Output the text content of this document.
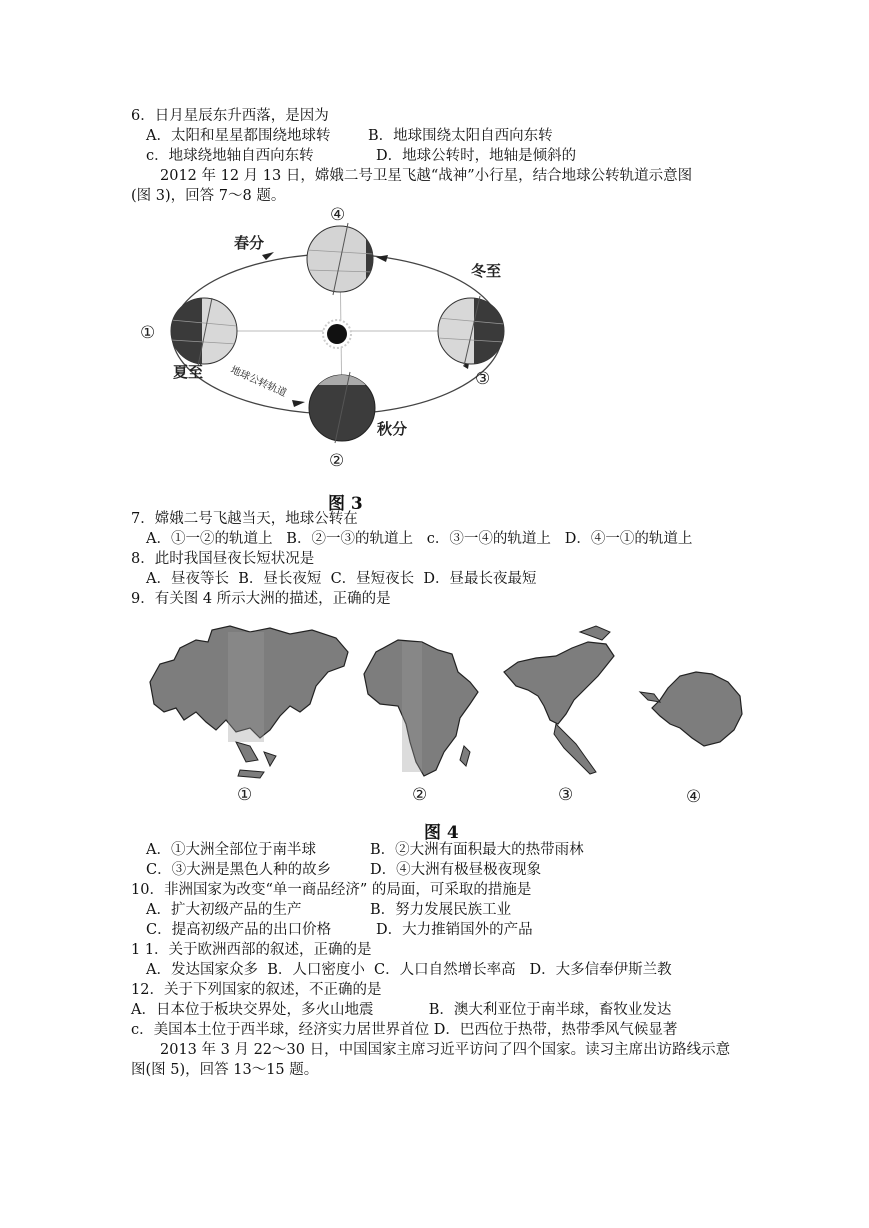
6．日月星辰东升西落，是因为
A．太阳和星星都围绕地球转	B．地球围绕太阳自西向东转
c．地球绕地轴自西向东转	D．地球公转时，地轴是倾斜的
2012 年 12 月 13 日，嫦娥二号卫星飞越“战神”小行星，结合地球公转轨道示意图
(图 3)，回答 7～8 题。
春分
夏至
秋分
冬至
地球公转轨道
①
②
③
④
图 3
7．嫦娥二号飞越当天，地球公转在
A．①一②的轨道上   B．②一③的轨道上   c．③一④的轨道上   D．④一①的轨道上
8．此时我国昼夜长短状况是
A．昼夜等长  B．昼长夜短  C．昼短夜长  D．昼最长夜最短
9．有关图 4 所示大洲的描述，正确的是
①	②	③	④
图 4
A．①大洲全部位于南半球	B．②大洲有面积最大的热带雨林
C．③大洲是黑色人种的故乡	D．④大洲有极昼极夜现象
10．非洲国家为改变“单一商品经济” 的局面，可采取的措施是
A．扩大初级产品的生产	B．努力发展民族工业
C．提高初级产品的出口价格	D．大力推销国外的产品
1 1．关于欧洲西部的叙述，正确的是
A．发达国家众多  B．人口密度小  C．人口自然增长率高   D．大多信奉伊斯兰教
12．关于下列国家的叙述，不正确的是
A．日本位于板块交界处，多火山地震            B．澳大利亚位于南半球，畜牧业发达
c．美国本土位于西半球，经济实力居世界首位 D．巴西位于热带，热带季风气候显著
2013 年 3 月 22～30 日，中国国家主席习近平访问了四个国家。读习主席出访路线示意
图(图 5)，回答 13～15 题。
